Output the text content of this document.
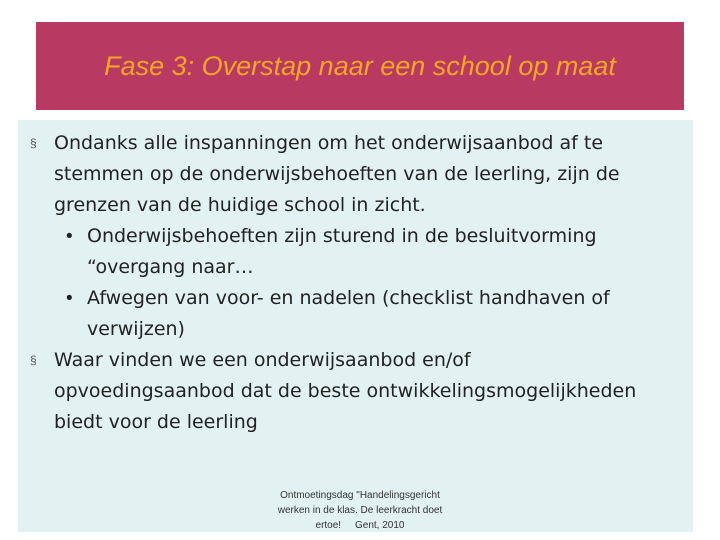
Fase 3: Overstap naar een school op maat
§ Ondanks alle inspanningen om het onderwijsaanbod af te
stemmen op de onderwijsbehoeften van de leerling, zijn de
grenzen van de huidige school in zicht.
• Onderwijsbehoeften zijn sturend in de besluitvorming
“overgang naar…
• Afwegen van voor- en nadelen (checklist handhaven of
verwijzen)
§ Waar vinden we een onderwijsaanbod en/of
opvoedingsaanbod dat de beste ontwikkelingsmogelijkheden
biedt voor de leerling
Ontmoetingsdag "Handelingsgericht
werken in de klas. De leerkracht doet
ertoe!     Gent, 2010
